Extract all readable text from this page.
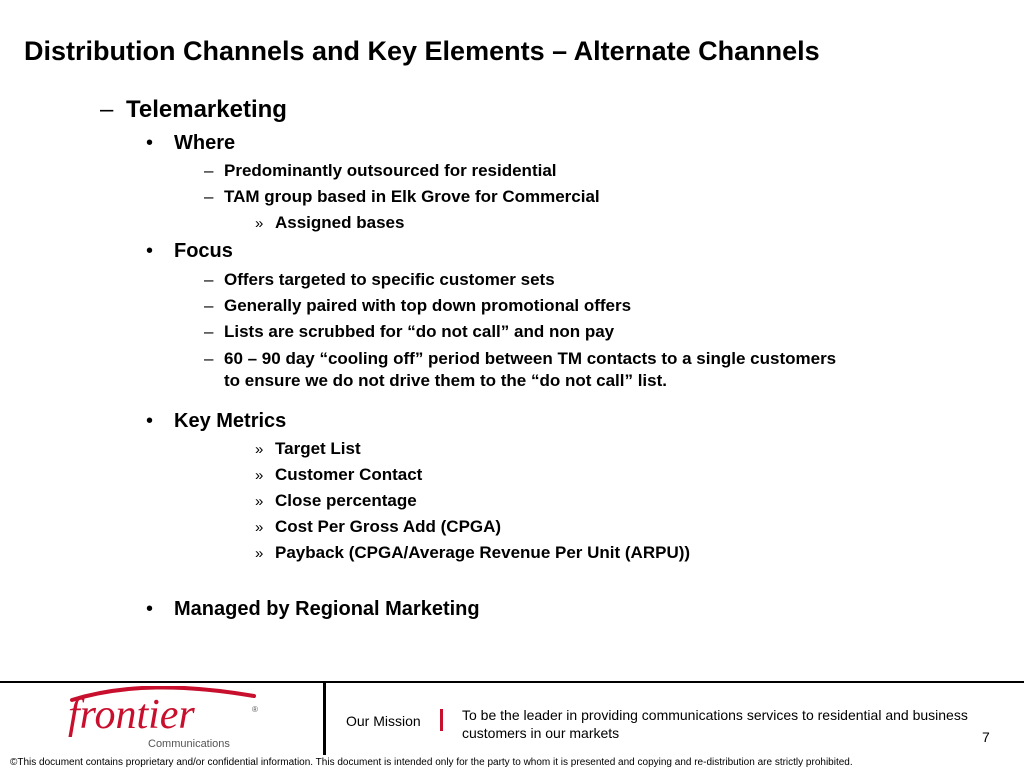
Distribution Channels and Key Elements – Alternate Channels
– Telemarketing
•	Where
– Predominantly outsourced for residential
– TAM group based in Elk Grove for Commercial
» Assigned bases
•	Focus
– Offers targeted to specific customer sets
– Generally paired with top down promotional offers
– Lists are scrubbed for “do not call” and non pay
– 60 – 90 day “cooling off” period between TM contacts to a single customers to ensure we do not drive them to the “do not call” list.
•	Key Metrics
» Target List
» Customer Contact
» Close percentage
» Cost Per Gross Add (CPGA)
» Payback (CPGA/Average Revenue Per Unit (ARPU))
•	Managed by Regional Marketing
frontier	®
Communications
Our Mission	To be the leader in providing communications services to residential and business customers in our markets	7
©This document contains proprietary and/or confidential information. This document is intended only for the party to whom it is presented and copying and re-distribution are strictly prohibited.
